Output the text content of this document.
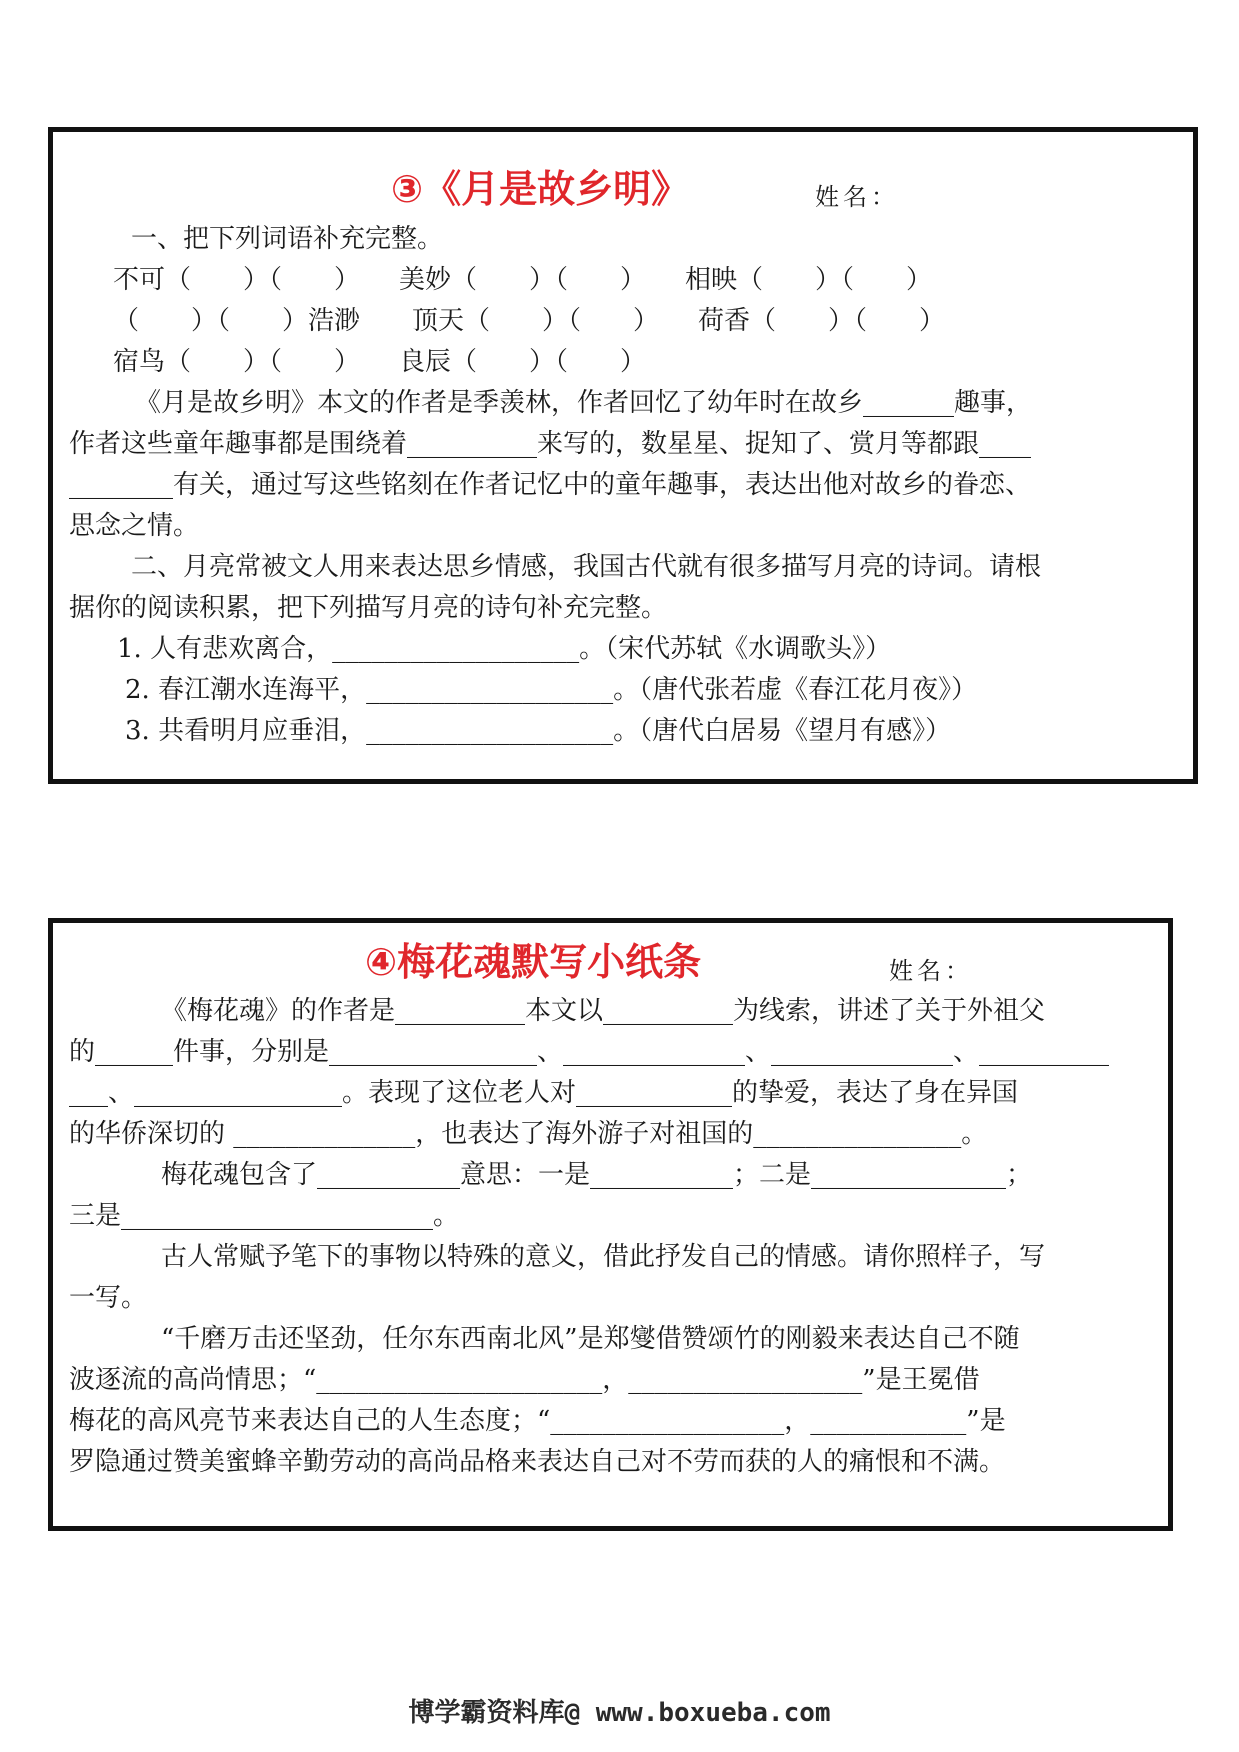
③《月是故乡明》	姓名：
一、把下列词语补充完整。
不可（　　）（　　）　　美妙（　　）（　　）　　相映（　　）（　　）
（　　）（　　）浩渺　　顶天（　　）（　　）　　荷香（　　）（　　）
宿鸟（　　）（　　）　　良辰（　　）（　　）
《月是故乡明》本文的作者是季羡林，作者回忆了幼年时在故乡_______趣事，
作者这些童年趣事都是围绕着__________来写的，数星星、捉知了、赏月等都跟____
________有关，通过写这些铭刻在作者记忆中的童年趣事，表达出他对故乡的眷恋、
思念之情。
二、月亮常被文人用来表达思乡情感，我国古代就有很多描写月亮的诗词。请根
据你的阅读积累，把下列描写月亮的诗句补充完整。
1. 人有悲欢离合，___________________。（宋代苏轼《水调歌头》）
2. 春江潮水连海平，___________________。（唐代张若虚《春江花月夜》）
3. 共看明月应垂泪，___________________。（唐代白居易《望月有感》）
④梅花魂默写小纸条	姓名：
《梅花魂》的作者是__________本文以__________为线索，讲述了关于外祖父
的______件事，分别是________________、______________、______________、__________
___、________________。表现了这位老人对____________的挚爱，表达了身在异国
的华侨深切的 ______________，也表达了海外游子对祖国的________________。
梅花魂包含了___________意思：一是___________；二是_______________；
三是________________________。
古人常赋予笔下的事物以特殊的意义，借此抒发自己的情感。请你照样子，写
一写。
“千磨万击还坚劲，任尔东西南北风”是郑燮借赞颂竹的刚毅来表达自己不随
波逐流的高尚情思；“______________________，__________________”是王冕借
梅花的高风亮节来表达自己的人生态度；“__________________，____________”是
罗隐通过赞美蜜蜂辛勤劳动的高尚品格来表达自己对不劳而获的人的痛恨和不满。
博学霸资料库@ www.boxueba.com
